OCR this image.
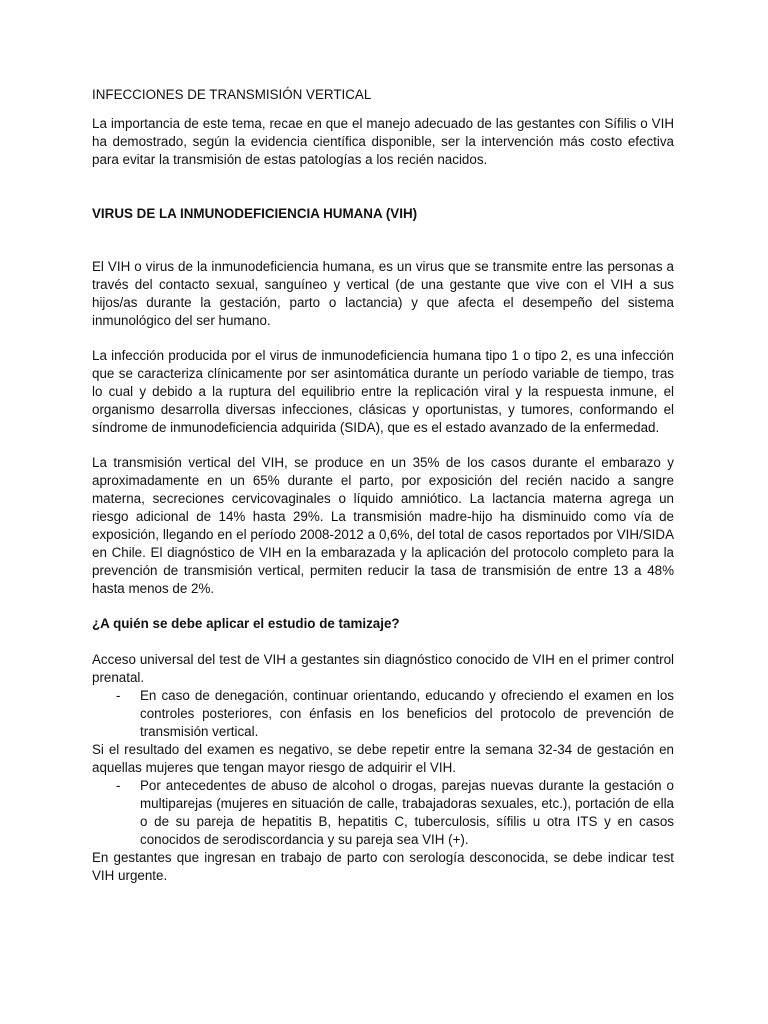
INFECCIONES DE TRANSMISIÓN VERTICAL

La importancia de este tema, recae en que el manejo adecuado de las gestantes con Sífilis o VIH ha demostrado, según la evidencia científica disponible, ser la intervención más costo efectiva para evitar la transmisión de estas patologías a los recién nacidos.

VIRUS DE LA INMUNODEFICIENCIA HUMANA (VIH)

El VIH o virus de la inmunodeficiencia humana, es un virus que se transmite entre las personas a través del contacto sexual, sanguíneo y vertical (de una gestante que vive con el VIH a sus hijos/as durante la gestación, parto o lactancia) y que afecta el desempeño del sistema inmunológico del ser humano.

La infección producida por el virus de inmunodeficiencia humana tipo 1 o tipo 2, es una infección que se caracteriza clínicamente por ser asintomática durante un período variable de tiempo, tras lo cual y debido a la ruptura del equilibrio entre la replicación viral y la respuesta inmune, el organismo desarrolla diversas infecciones, clásicas y oportunistas, y tumores, conformando el síndrome de inmunodeficiencia adquirida (SIDA), que es el estado avanzado de la enfermedad.

La transmisión vertical del VIH, se produce en un 35% de los casos durante el embarazo y aproximadamente en un 65% durante el parto, por exposición del recién nacido a sangre materna, secreciones cervicovaginales o líquido amniótico. La lactancia materna agrega un riesgo adicional de 14% hasta 29%. La transmisión madre-hijo ha disminuido como vía de exposición, llegando en el período 2008-2012 a 0,6%, del total de casos reportados por VIH/SIDA en Chile. El diagnóstico de VIH en la embarazada y la aplicación del protocolo completo para la prevención de transmisión vertical, permiten reducir la tasa de transmisión de entre 13 a 48% hasta menos de 2%.

¿A quién se debe aplicar el estudio de tamizaje?

Acceso universal del test de VIH a gestantes sin diagnóstico conocido de VIH en el primer control prenatal.

- En caso de denegación, continuar orientando, educando y ofreciendo el examen en los controles posteriores, con énfasis en los beneficios del protocolo de prevención de transmisión vertical.

Si el resultado del examen es negativo, se debe repetir entre la semana 32-34 de gestación en aquellas mujeres que tengan mayor riesgo de adquirir el VIH.

- Por antecedentes de abuso de alcohol o drogas, parejas nuevas durante la gestación o multiparejas (mujeres en situación de calle, trabajadoras sexuales, etc.), portación de ella o de su pareja de hepatitis B, hepatitis C, tuberculosis, sífilis u otra ITS y en casos conocidos de serodiscordancia y su pareja sea VIH (+).

En gestantes que ingresan en trabajo de parto con serología desconocida, se debe indicar test VIH urgente.
